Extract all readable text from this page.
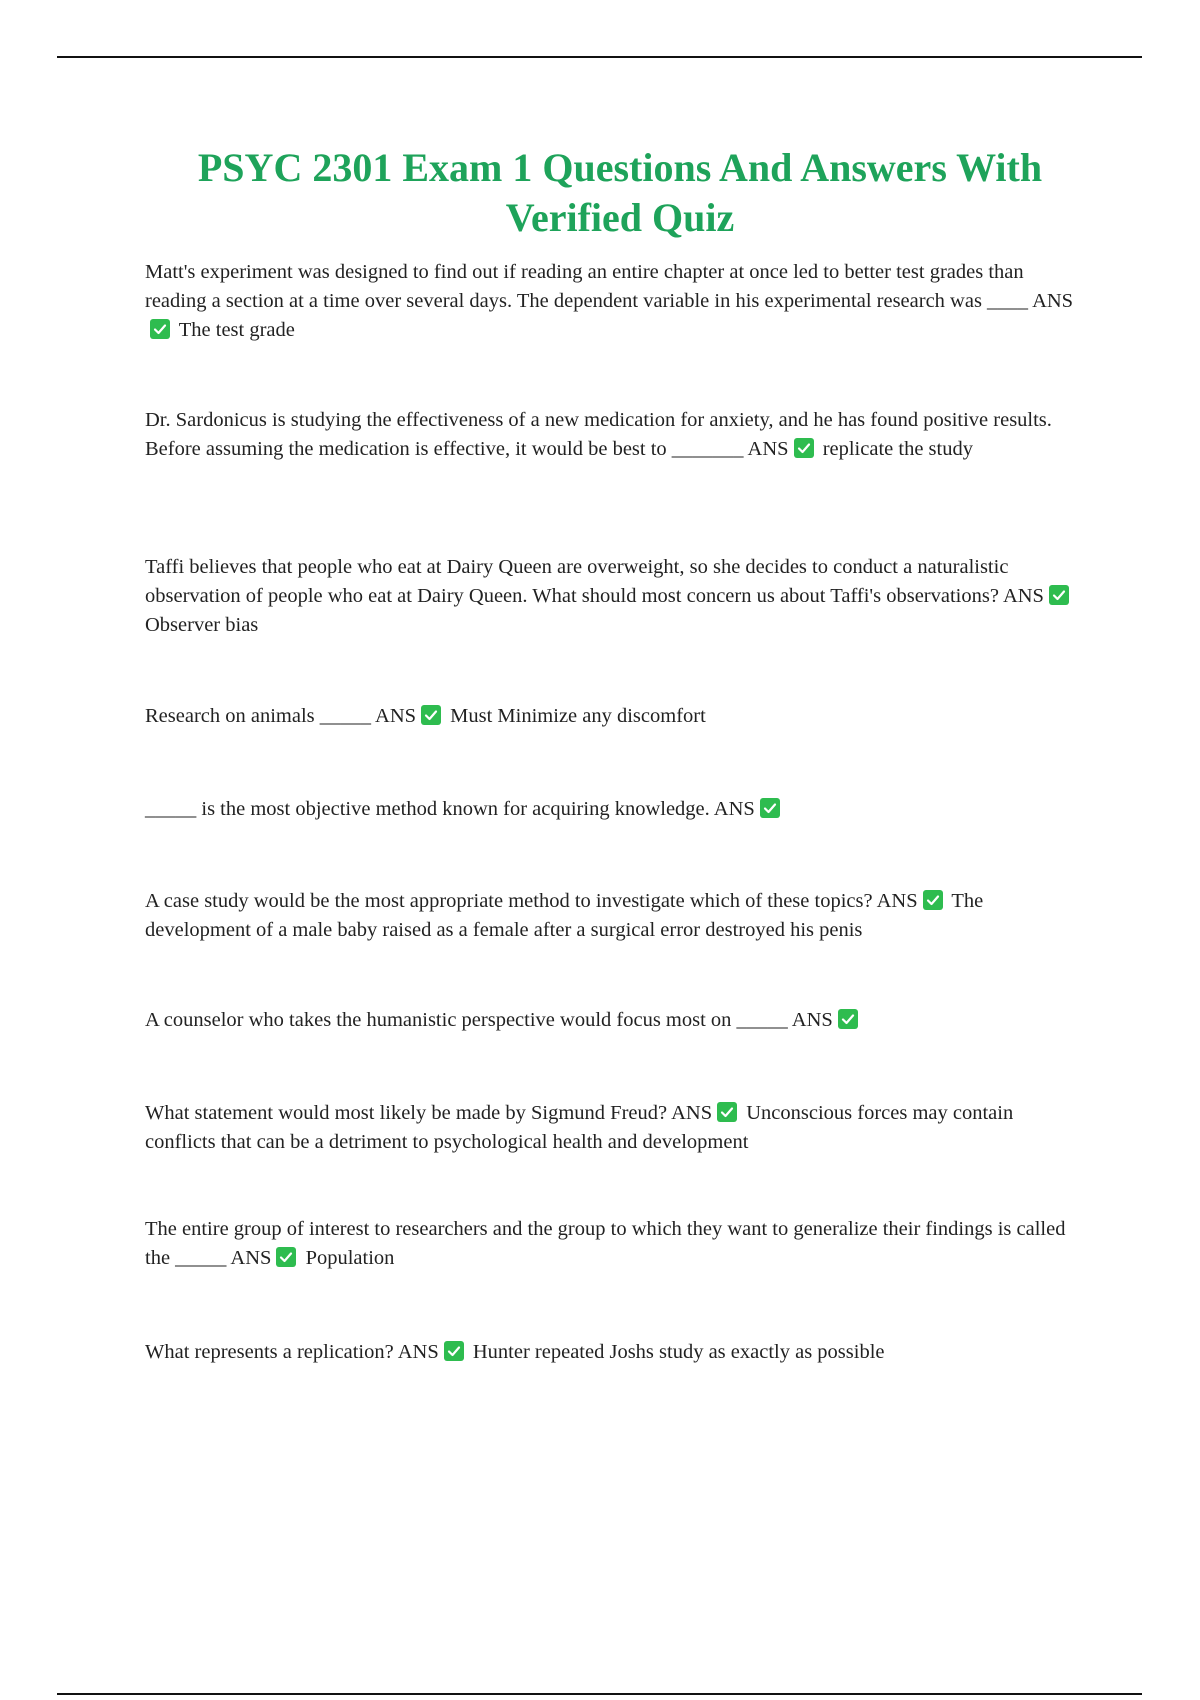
PSYC 2301 Exam 1 Questions And Answers With Verified Quiz

Matt's experiment was designed to find out if reading an entire chapter at once led to better test grades than reading a section at a time over several days. The dependent variable in his experimental research was ____ ANS
The test grade

Dr. Sardonicus is studying the effectiveness of a new medication for anxiety, and he has found positive results. Before assuming the medication is effective, it would be best to _______ ANS replicate the study

Taffi believes that people who eat at Dairy Queen are overweight, so she decides to conduct a naturalistic observation of people who eat at Dairy Queen. What should most concern us about Taffi's observations? ANS
Observer bias

Research on animals _____ ANS Must Minimize any discomfort

_____ is the most objective method known for acquiring knowledge. ANS

A case study would be the most appropriate method to investigate which of these topics? ANS The development of a male baby raised as a female after a surgical error destroyed his penis

A counselor who takes the humanistic perspective would focus most on _____ ANS

What statement would most likely be made by Sigmund Freud? ANS Unconscious forces may contain conflicts that can be a detriment to psychological health and development

The entire group of interest to researchers and the group to which they want to generalize their findings is called the _____ ANS Population

What represents a replication? ANS Hunter repeated Joshs study as exactly as possible
